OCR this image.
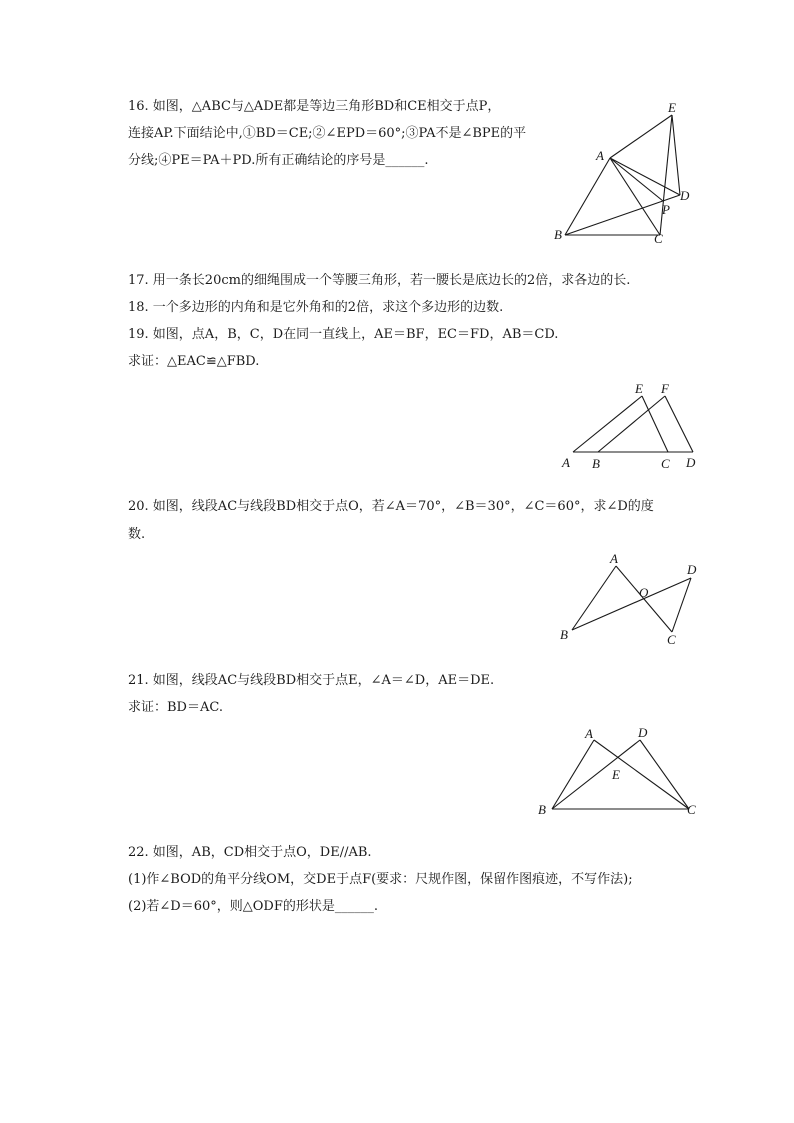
16. 如图，△ABC与△ADE都是等边三角形BD和CE相交于点P，
连接AP.下面结论中,①BD＝CE;②∠EPD＝60°;③PA不是∠BPE的平
分线;④PE＝PA＋PD.所有正确结论的序号是______.
E
A
D
P
B	C
17. 用一条长20cm的细绳围成一个等腰三角形，若一腰长是底边长的2倍，求各边的长.
18. 一个多边形的内角和是它外角和的2倍，求这个多边形的边数.
19. 如图，点A，B，C，D在同一直线上，AE＝BF，EC＝FD，AB＝CD.
求证：△EAC≌△FBD.
E F
A B	C D
20. 如图，线段AC与线段BD相交于点O，若∠A＝70°，∠B＝30°，∠C＝60°，求∠D的度
数.
A
D
O
B	C
21. 如图，线段AC与线段BD相交于点E，∠A＝∠D，AE＝DE.
求证：BD＝AC.
A	D
E
B	C
22. 如图，AB，CD相交于点O，DE//AB.
(1)作∠BOD的角平分线OM，交DE于点F(要求：尺规作图，保留作图痕迹，不写作法);
(2)若∠D＝60°，则△ODF的形状是______.
